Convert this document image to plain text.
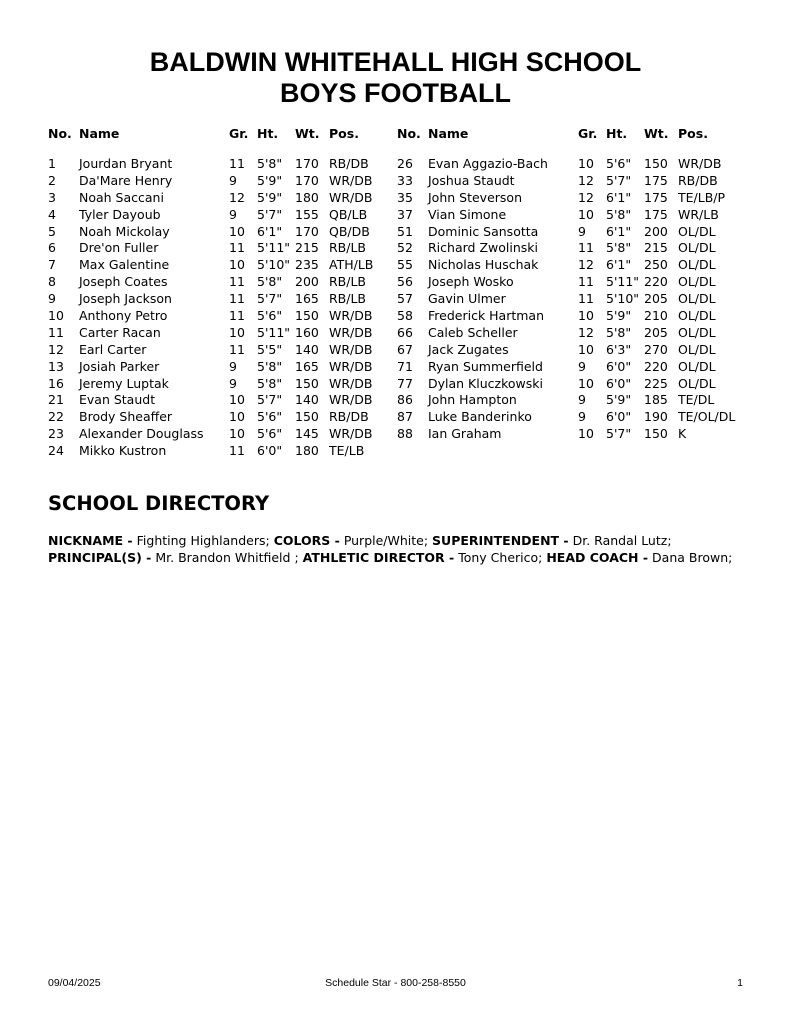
BALDWIN WHITEHALL HIGH SCHOOL
BOYS FOOTBALL
No. Name	Gr. Ht. Wt. Pos.
1 Jourdan Bryant	11 5'8" 170 RB/DB
2 Da'Mare Henry	9 5'9" 170 WR/DB
3 Noah Saccani	12 5'9" 180 WR/DB
4 Tyler Dayoub	9 5'7" 155 QB/LB
5 Noah Mickolay	10 6'1" 170 QB/DB
6 Dre'on Fuller	11 5'11" 215 RB/LB
7 Max Galentine	10 5'10" 235 ATH/LB
8 Joseph Coates	11 5'8" 200 RB/LB
9 Joseph Jackson	11 5'7" 165 RB/LB
10 Anthony Petro	11 5'6" 150 WR/DB
11 Carter Racan	10 5'11" 160 WR/DB
12 Earl Carter	11 5'5" 140 WR/DB
13 Josiah Parker	9 5'8" 165 WR/DB
16 Jeremy Luptak	9 5'8" 150 WR/DB
21 Evan Staudt	10 5'7" 140 WR/DB
22 Brody Sheaffer	10 5'6" 150 RB/DB
23 Alexander Douglass 10 5'6" 145 WR/DB
24 Mikko Kustron	11 6'0" 180 TE/LB
No. Name	Gr. Ht. Wt. Pos.
26 Evan Aggazio-Bach 10 5'6" 150 WR/DB
33 Joshua Staudt	12 5'7" 175 RB/DB
35 John Steverson	12 6'1" 175 TE/LB/P
37 Vian Simone	10 5'8" 175 WR/LB
51 Dominic Sansotta	9 6'1" 200 OL/DL
52 Richard Zwolinski	11 5'8" 215 OL/DL
55 Nicholas Huschak	12 6'1" 250 OL/DL
56 Joseph Wosko	11 5'11" 220 OL/DL
57 Gavin Ulmer	11 5'10" 205 OL/DL
58 Frederick Hartman	10 5'9" 210 OL/DL
66 Caleb Scheller	12 5'8" 205 OL/DL
67 Jack Zugates	10 6'3" 270 OL/DL
71 Ryan Summerfield	9 6'0" 220 OL/DL
77 Dylan Kluczkowski	10 6'0" 225 OL/DL
86 John Hampton	9 5'9" 185 TE/DL
87 Luke Banderinko	9 6'0" 190 TE/OL/DL
88 Ian Graham	10 5'7" 150 K
SCHOOL DIRECTORY
NICKNAME - Fighting Highlanders; COLORS - Purple/White; SUPERINTENDENT - Dr. Randal Lutz;
PRINCIPAL(S) - Mr. Brandon Whitfield ; ATHLETIC DIRECTOR - Tony Cherico; HEAD COACH - Dana Brown;
09/04/2025	Schedule Star - 800-258-8550	1
